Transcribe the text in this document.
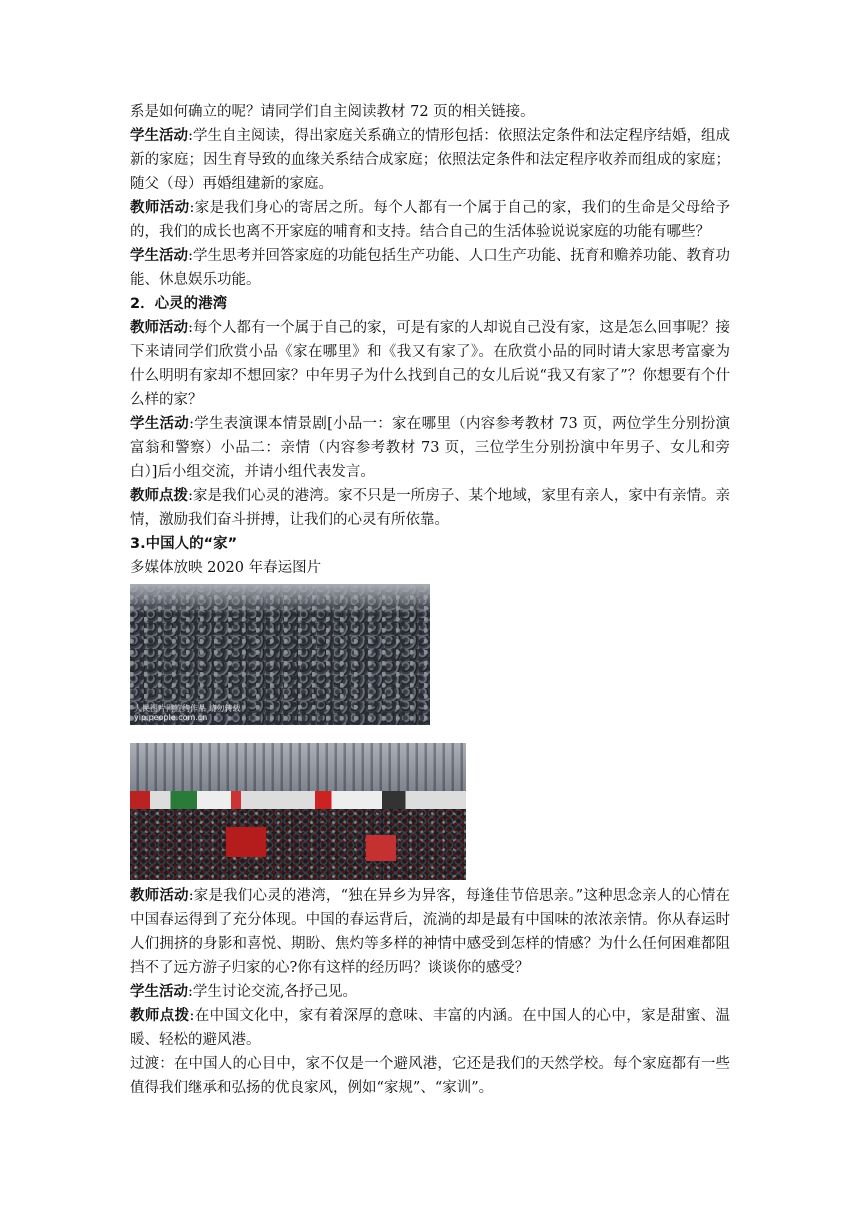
系是如何确立的呢？请同学们自主阅读教材 72 页的相关链接。

学生活动:学生自主阅读，得出家庭关系确立的情形包括：依照法定条件和法定程序结婚，组成新的家庭；因生育导致的血缘关系结合成家庭；依照法定条件和法定程序收养而组成的家庭；随父（母）再婚组建新的家庭。

教师活动:家是我们身心的寄居之所。每个人都有一个属于自己的家，我们的生命是父母给予的，我们的成长也离不开家庭的哺育和支持。结合自己的生活体验说说家庭的功能有哪些？

学生活动:学生思考并回答家庭的功能包括生产功能、人口生产功能、抚育和赡养功能、教育功能、休息娱乐功能。

2．心灵的港湾

教师活动:每个人都有一个属于自己的家，可是有家的人却说自己没有家，这是怎么回事呢？接下来请同学们欣赏小品《家在哪里》和《我又有家了》。在欣赏小品的同时请大家思考富豪为什么明明有家却不想回家？中年男子为什么找到自己的女儿后说“我又有家了”？你想要有个什么样的家？

学生活动:学生表演课本情景剧[小品一：家在哪里（内容参考教材 73 页，两位学生分别扮演富翁和警察）小品二：亲情（内容参考教材 73 页，三位学生分别扮演中年男子、女儿和旁白）]后小组交流，并请小组代表发言。

教师点拨:家是我们心灵的港湾。家不只是一所房子、某个地域，家里有亲人，家中有亲情。亲情，激励我们奋斗拼搏，让我们的心灵有所依靠。

3.中国人的“家”

多媒体放映 2020 年春运图片

人民图片网签约作品 请勿转载
yip.people.com.cn

教师活动:家是我们心灵的港湾，“独在异乡为异客，每逢佳节倍思亲。”这种思念亲人的心情在中国春运得到了充分体现。中国的春运背后，流淌的却是最有中国味的浓浓亲情。你从春运时人们拥挤的身影和喜悦、期盼、焦灼等多样的神情中感受到怎样的情感？为什么任何困难都阻挡不了远方游子归家的心?你有这样的经历吗？谈谈你的感受？

学生活动:学生讨论交流,各抒己见。

教师点拨:在中国文化中，家有着深厚的意味、丰富的内涵。在中国人的心中，家是甜蜜、温暖、轻松的避风港。

过渡：在中国人的心目中，家不仅是一个避风港，它还是我们的天然学校。每个家庭都有一些值得我们继承和弘扬的优良家风，例如“家规”、“家训”。
